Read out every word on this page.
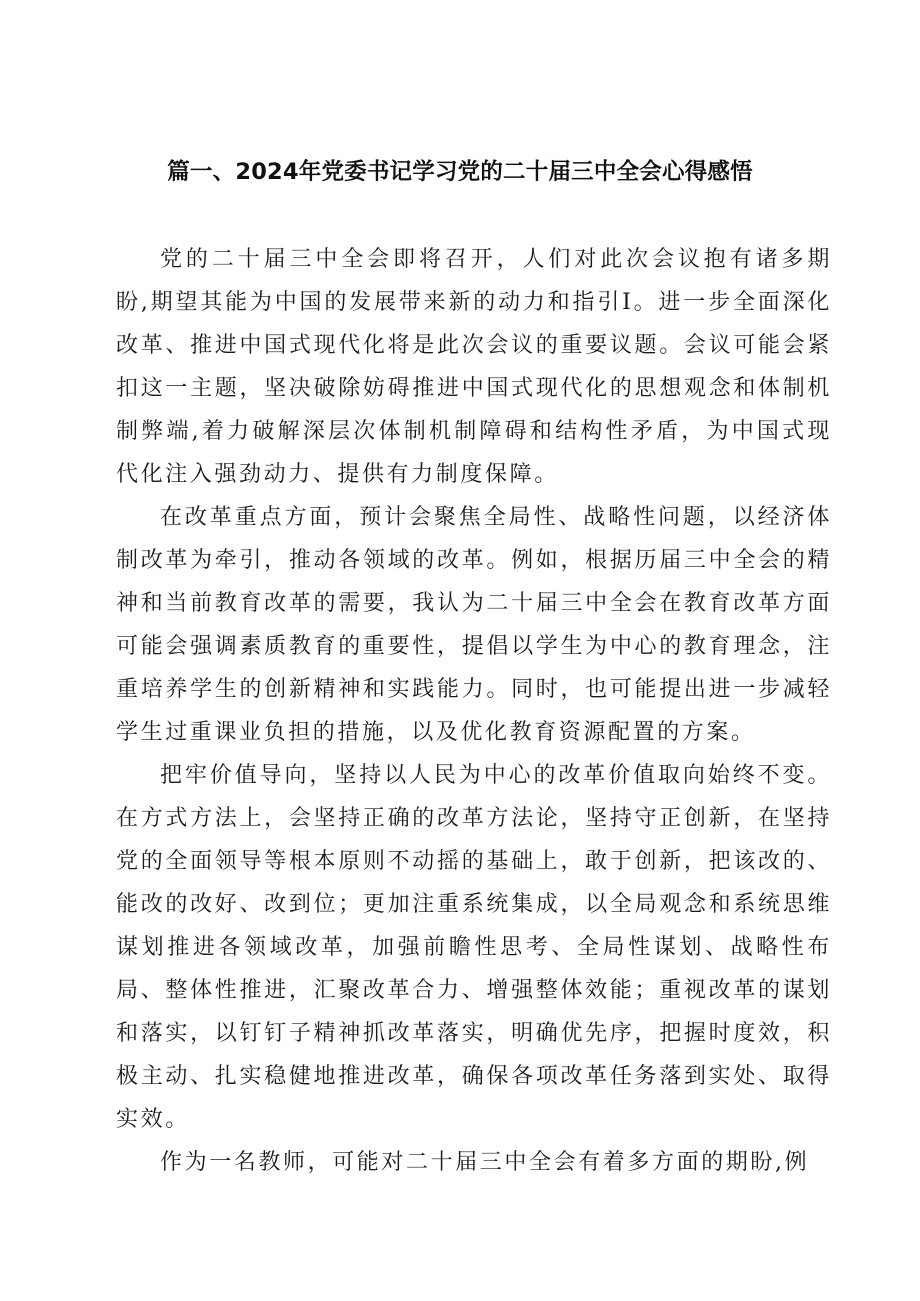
篇一、2024年党委书记学习党的二十届三中全会心得感悟

党的二十届三中全会即将召开，人们对此次会议抱有诸多期盼,期望其能为中国的发展带来新的动力和指引I。进一步全面深化改革、推进中国式现代化将是此次会议的重要议题。会议可能会紧扣这一主题，坚决破除妨碍推进中国式现代化的思想观念和体制机制弊端,着力破解深层次体制机制障碍和结构性矛盾，为中国式现代化注入强劲动力、提供有力制度保障。

在改革重点方面，预计会聚焦全局性、战略性问题，以经济体制改革为牵引，推动各领域的改革。例如，根据历届三中全会的精神和当前教育改革的需要，我认为二十届三中全会在教育改革方面可能会强调素质教育的重要性，提倡以学生为中心的教育理念，注重培养学生的创新精神和实践能力。同时，也可能提出进一步减轻学生过重课业负担的措施，以及优化教育资源配置的方案。

把牢价值导向，坚持以人民为中心的改革价值取向始终不变。在方式方法上，会坚持正确的改革方法论，坚持守正创新，在坚持党的全面领导等根本原则不动摇的基础上，敢于创新，把该改的、能改的改好、改到位；更加注重系统集成，以全局观念和系统思维谋划推进各领域改革，加强前瞻性思考、全局性谋划、战略性布局、整体性推进，汇聚改革合力、增强整体效能；重视改革的谋划和落实，以钉钉子精神抓改革落实，明确优先序，把握时度效，积极主动、扎实稳健地推进改革，确保各项改革任务落到实处、取得实效。

作为一名教师，可能对二十届三中全会有着多方面的期盼,例
